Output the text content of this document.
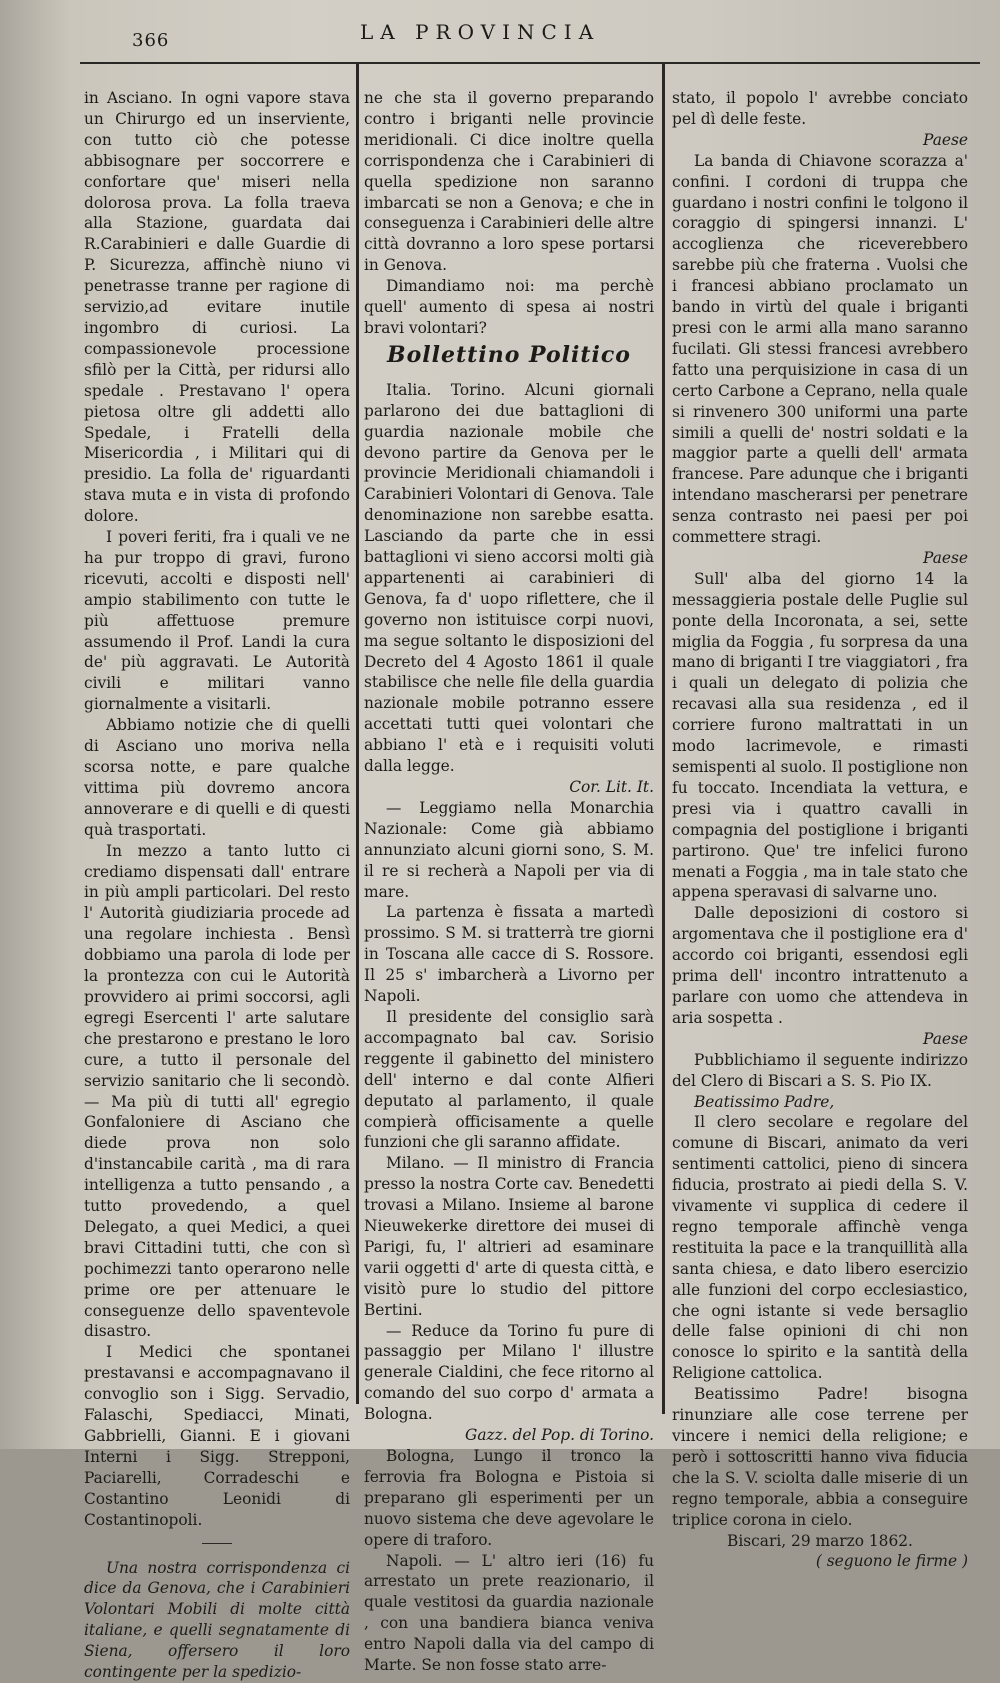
366	LA PROVINCIA

in Asciano. In ogni vapore stava un Chirurgo ed un inserviente, con tutto ciò che potesse abbisognare per soccorrere e confortare que' miseri nella dolorosa prova. La folla traeva alla Stazione, guardata dai R.Carabinieri e dalle Guardie di P. Sicurezza, affinchè niuno vi penetrasse tranne per ragione di servizio,ad evitare inutile ingombro di curiosi. La compassionevole processione sfilò per la Città, per ridursi allo spedale . Prestavano l' opera pietosa oltre gli addetti allo Spedale, i Fratelli della Misericordia , i Militari qui di presidio. La folla de' riguardanti stava muta e in vista di profondo dolore.

I poveri feriti, fra i quali ve ne ha pur troppo di gravi, furono ricevuti, accolti e disposti nell' ampio stabilimento con tutte le più affettuose premure assumendo il Prof. Landi la cura de' più aggravati. Le Autorità civili e militari vanno giornalmente a visitarli.

Abbiamo notizie che di quelli di Asciano uno moriva nella scorsa notte, e pare qualche vittima più dovremo ancora annoverare e di quelli e di questi quà trasportati.

In mezzo a tanto lutto ci crediamo dispensati dall' entrare in più ampli particolari. Del resto l' Autorità giudiziaria procede ad una regolare inchiesta . Bensì dobbiamo una parola di lode per la prontezza con cui le Autorità provvidero ai primi soccorsi, agli egregi Esercenti l' arte salutare che prestarono e prestano le loro cure, a tutto il personale del servizio sanitario che li secondò. — Ma più di tutti all' egregio Gonfaloniere di Asciano che diede prova non solo d'instancabile carità , ma di rara intelligenza a tutto pensando , a tutto provedendo, a quel Delegato, a quei Medici, a quei bravi Cittadini tutti, che con sì pochimezzi tanto operarono nelle prime ore per attenuare le conseguenze dello spaventevole disastro.

I Medici che spontanei prestavansi e accompagnavano il convoglio son i Sigg. Servadio, Falaschi, Spediacci, Minati, Gabbrielli, Gianni. E i giovani Interni i Sigg. Strepponi, Paciarelli, Corradeschi e Costantino Leonidi di Costantinopoli.

Una nostra corrispondenza ci dice da Genova, che i Carabinieri Volontari Mobili di molte città italiane, e quelli segnatamente di Siena, offersero il loro contingente per la spedizio-

ne che sta il governo preparando contro i briganti nelle provincie meridionali. Ci dice inoltre quella corrispondenza che i Carabinieri di quella spedizione non saranno imbarcati se non a Genova; e che in conseguenza i Carabinieri delle altre città dovranno a loro spese portarsi in Genova.

Dimandiamo noi: ma perchè quell' aumento di spesa ai nostri bravi volontari?

Bollettino Politico

Italia. Torino. Alcuni giornali parlarono dei due battaglioni di guardia nazionale mobile che devono partire da Genova per le provincie Meridionali chiamandoli i Carabinieri Volontari di Genova. Tale denominazione non sarebbe esatta. Lasciando da parte che in essi battaglioni vi sieno accorsi molti già appartenenti ai carabinieri di Genova, fa d' uopo riflettere, che il governo non istituisce corpi nuovi, ma segue soltanto le disposizioni del Decreto del 4 Agosto 1861 il quale stabilisce che nelle file della guardia nazionale mobile potranno essere accettati tutti quei volontari che abbiano l' età e i requisiti voluti dalla legge.

Cor. Lit. It.

— Leggiamo nella Monarchia Nazionale: Come già abbiamo annunziato alcuni giorni sono, S. M. il re si recherà a Napoli per via di mare.

La partenza è fissata a martedì prossimo. S M. si tratterrà tre giorni in Toscana alle cacce di S. Rossore. Il 25 s' imbarcherà a Livorno per Napoli.

Il presidente del consiglio sarà accompagnato bal cav. Sorisio reggente il gabinetto del ministero dell' interno e dal conte Alfieri deputato al parlamento, il quale compierà officisamente a quelle funzioni che gli saranno affidate.

Milano. — Il ministro di Francia presso la nostra Corte cav. Benedetti trovasi a Milano. Insieme al barone Nieuwekerke direttore dei musei di Parigi, fu, l' altrieri ad esaminare varii oggetti d' arte di questa città, e visitò pure lo studio del pittore Bertini.

— Reduce da Torino fu pure di passaggio per Milano l' illustre generale Cialdini, che fece ritorno al comando del suo corpo d' armata a Bologna.

Gazz. del Pop. di Torino.

Bologna, Lungo il tronco la ferrovia fra Bologna e Pistoia si preparano gli esperimenti per un nuovo sistema che deve agevolare le opere di traforo.

Napoli. — L' altro ieri (16) fu arrestato un prete reazionario, il quale vestitosi da guardia nazionale , con una bandiera bianca veniva entro Napoli dalla via del campo di Marte. Se non fosse stato arre-

stato, il popolo l' avrebbe conciato pel dì delle feste.

Paese

La banda di Chiavone scorazza a' confini. I cordoni di truppa che guardano i nostri confini le tolgono il coraggio di spingersi innanzi. L' accoglienza che riceverebbero sarebbe più che fraterna . Vuolsi che i francesi abbiano proclamato un bando in virtù del quale i briganti presi con le armi alla mano saranno fucilati. Gli stessi francesi avrebbero fatto una perquisizione in casa di un certo Carbone a Ceprano, nella quale si rinvenero 300 uniformi una parte simili a quelli de' nostri soldati e la maggior parte a quelli dell' armata francese. Pare adunque che i briganti intendano mascherarsi per penetrare senza contrasto nei paesi per poi commettere stragi.

Paese

Sull' alba del giorno 14 la messaggieria postale delle Puglie sul ponte della Incoronata, a sei, sette miglia da Foggia , fu sorpresa da una mano di briganti I tre viaggiatori , fra i quali un delegato di polizia che recavasi alla sua residenza , ed il corriere furono maltrattati in un modo lacrimevole, e rimasti semispenti al suolo. Il postiglione non fu toccato. Incendiata la vettura, e presi via i quattro cavalli in compagnia del postiglione i briganti partirono. Que' tre infelici furono menati a Foggia , ma in tale stato che appena speravasi di salvarne uno.

Dalle deposizioni di costoro si argomentava che il postiglione era d' accordo coi briganti, essendosi egli prima dell' incontro intrattenuto a parlare con uomo che attendeva in aria sospetta .

Paese

Pubblichiamo il seguente indirizzo del Clero di Biscari a S. S. Pio IX.

Beatissimo Padre,

Il clero secolare e regolare del comune di Biscari, animato da veri sentimenti cattolici, pieno di sincera fiducia, prostrato ai piedi della S. V. vivamente vi supplica di cedere il regno temporale affinchè venga restituita la pace e la tranquillità alla santa chiesa, e dato libero esercizio alle funzioni del corpo ecclesiastico, che ogni istante si vede bersaglio delle false opinioni di chi non conosce lo spirito e la santità della Religione cattolica.

Beatissimo Padre! bisogna rinunziare alle cose terrene per vincere i nemici della religione; e però i sottoscritti hanno viva fiducia che la S. V. sciolta dalle miserie di un regno temporale, abbia a conseguire triplice corona in cielo.

Biscari, 29 marzo 1862.

( seguono le firme )
